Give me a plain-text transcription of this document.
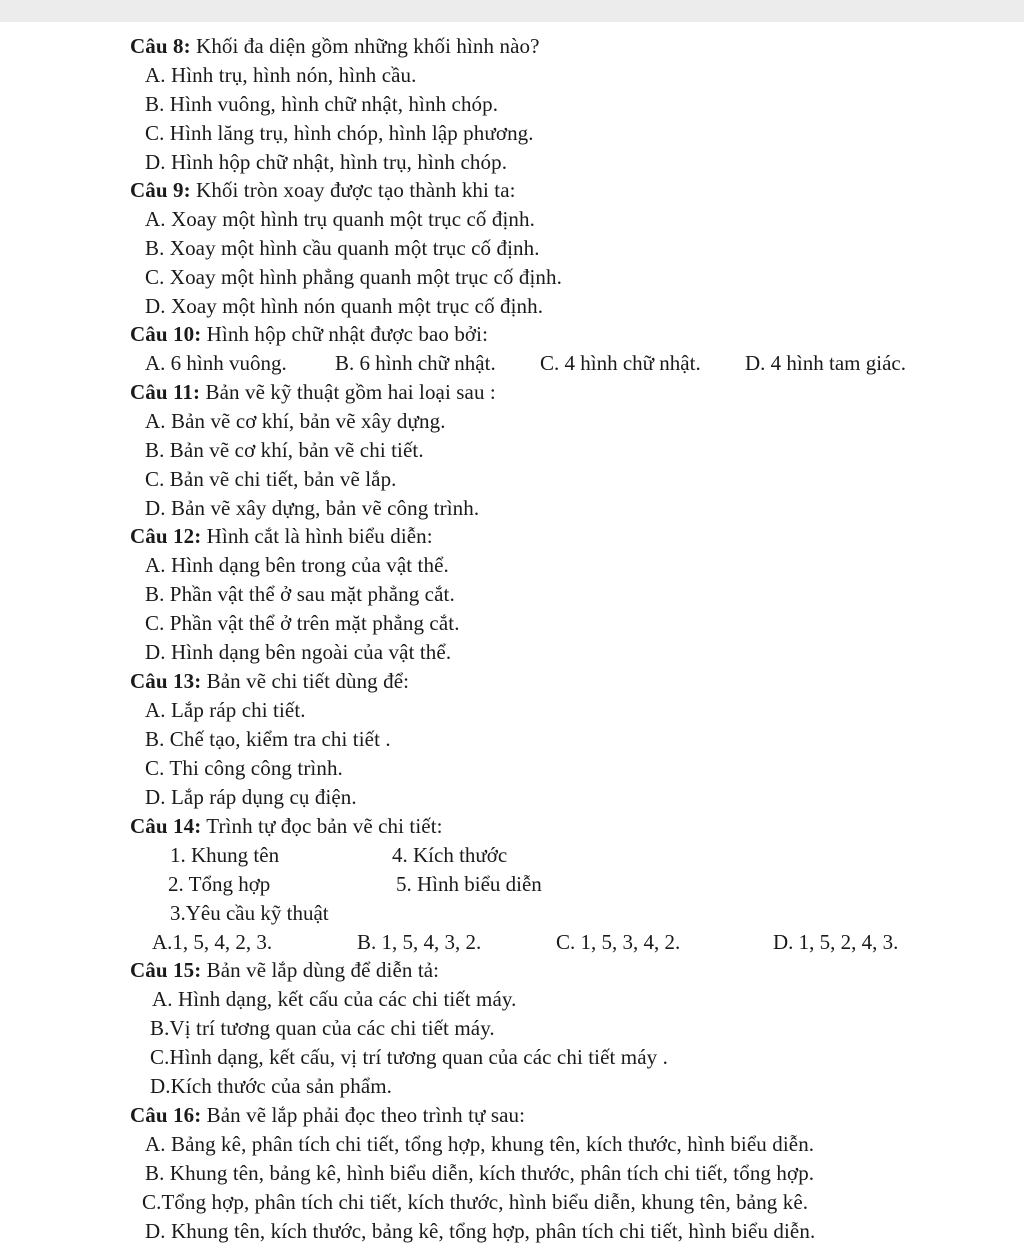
Câu 8: Khối đa diện gồm những khối hình nào?
A. Hình trụ, hình nón, hình cầu.
B. Hình vuông, hình chữ nhật, hình chóp.
C. Hình lăng trụ, hình chóp, hình lập phương.
D. Hình hộp chữ nhật, hình trụ, hình chóp.
Câu 9: Khối tròn xoay được tạo thành khi ta:
A. Xoay một hình trụ quanh một trục cố định.
B. Xoay một hình cầu quanh một trục cố định.
C. Xoay một hình phẳng quanh một trục cố định.
D. Xoay một hình nón quanh một trục cố định.
Câu 10: Hình hộp chữ nhật được bao bởi:
A. 6 hình vuông. B. 6 hình chữ nhật. C. 4 hình chữ nhật. D. 4 hình tam giác.
Câu 11: Bản vẽ kỹ thuật gồm hai loại sau :
A. Bản vẽ cơ khí, bản vẽ xây dựng.
B. Bản vẽ cơ khí, bản vẽ chi tiết.
C. Bản vẽ chi tiết, bản vẽ lắp.
D. Bản vẽ xây dựng, bản vẽ công trình.
Câu 12: Hình cắt là hình biểu diễn:
A. Hình dạng bên trong của vật thể.
B. Phần vật thể ở sau mặt phẳng cắt.
C. Phần vật thể ở trên mặt phẳng cắt.
D. Hình dạng bên ngoài của vật thể.
Câu 13: Bản vẽ chi tiết dùng để:
A. Lắp ráp chi tiết.
B. Chế tạo, kiểm tra chi tiết .
C. Thi công công trình.
D. Lắp ráp dụng cụ điện.
Câu 14: Trình tự đọc bản vẽ chi tiết:
1. Khung tên	4. Kích thước
2. Tổng hợp	5. Hình biểu diễn
3.Yêu cầu kỹ thuật
A.1, 5, 4, 2, 3.	B. 1, 5, 4, 3, 2.	C. 1, 5, 3, 4, 2.	D. 1, 5, 2, 4, 3.
Câu 15: Bản vẽ lắp dùng để diễn tả:
A. Hình dạng, kết cấu của các chi tiết máy.
B.Vị trí tương quan của các chi tiết máy.
C.Hình dạng, kết cấu, vị trí tương quan của các chi tiết máy .
D.Kích thước của sản phẩm.
Câu 16: Bản vẽ lắp phải đọc theo trình tự sau:
A. Bảng kê, phân tích chi tiết, tổng hợp, khung tên, kích thước, hình biểu diễn.
B. Khung tên, bảng kê, hình biểu diễn, kích thước, phân tích chi tiết, tổng hợp.
C.Tổng hợp, phân tích chi tiết, kích thước, hình biểu diễn, khung tên, bảng kê.
D. Khung tên, kích thước, bảng kê, tổng hợp, phân tích chi tiết, hình biểu diễn.
